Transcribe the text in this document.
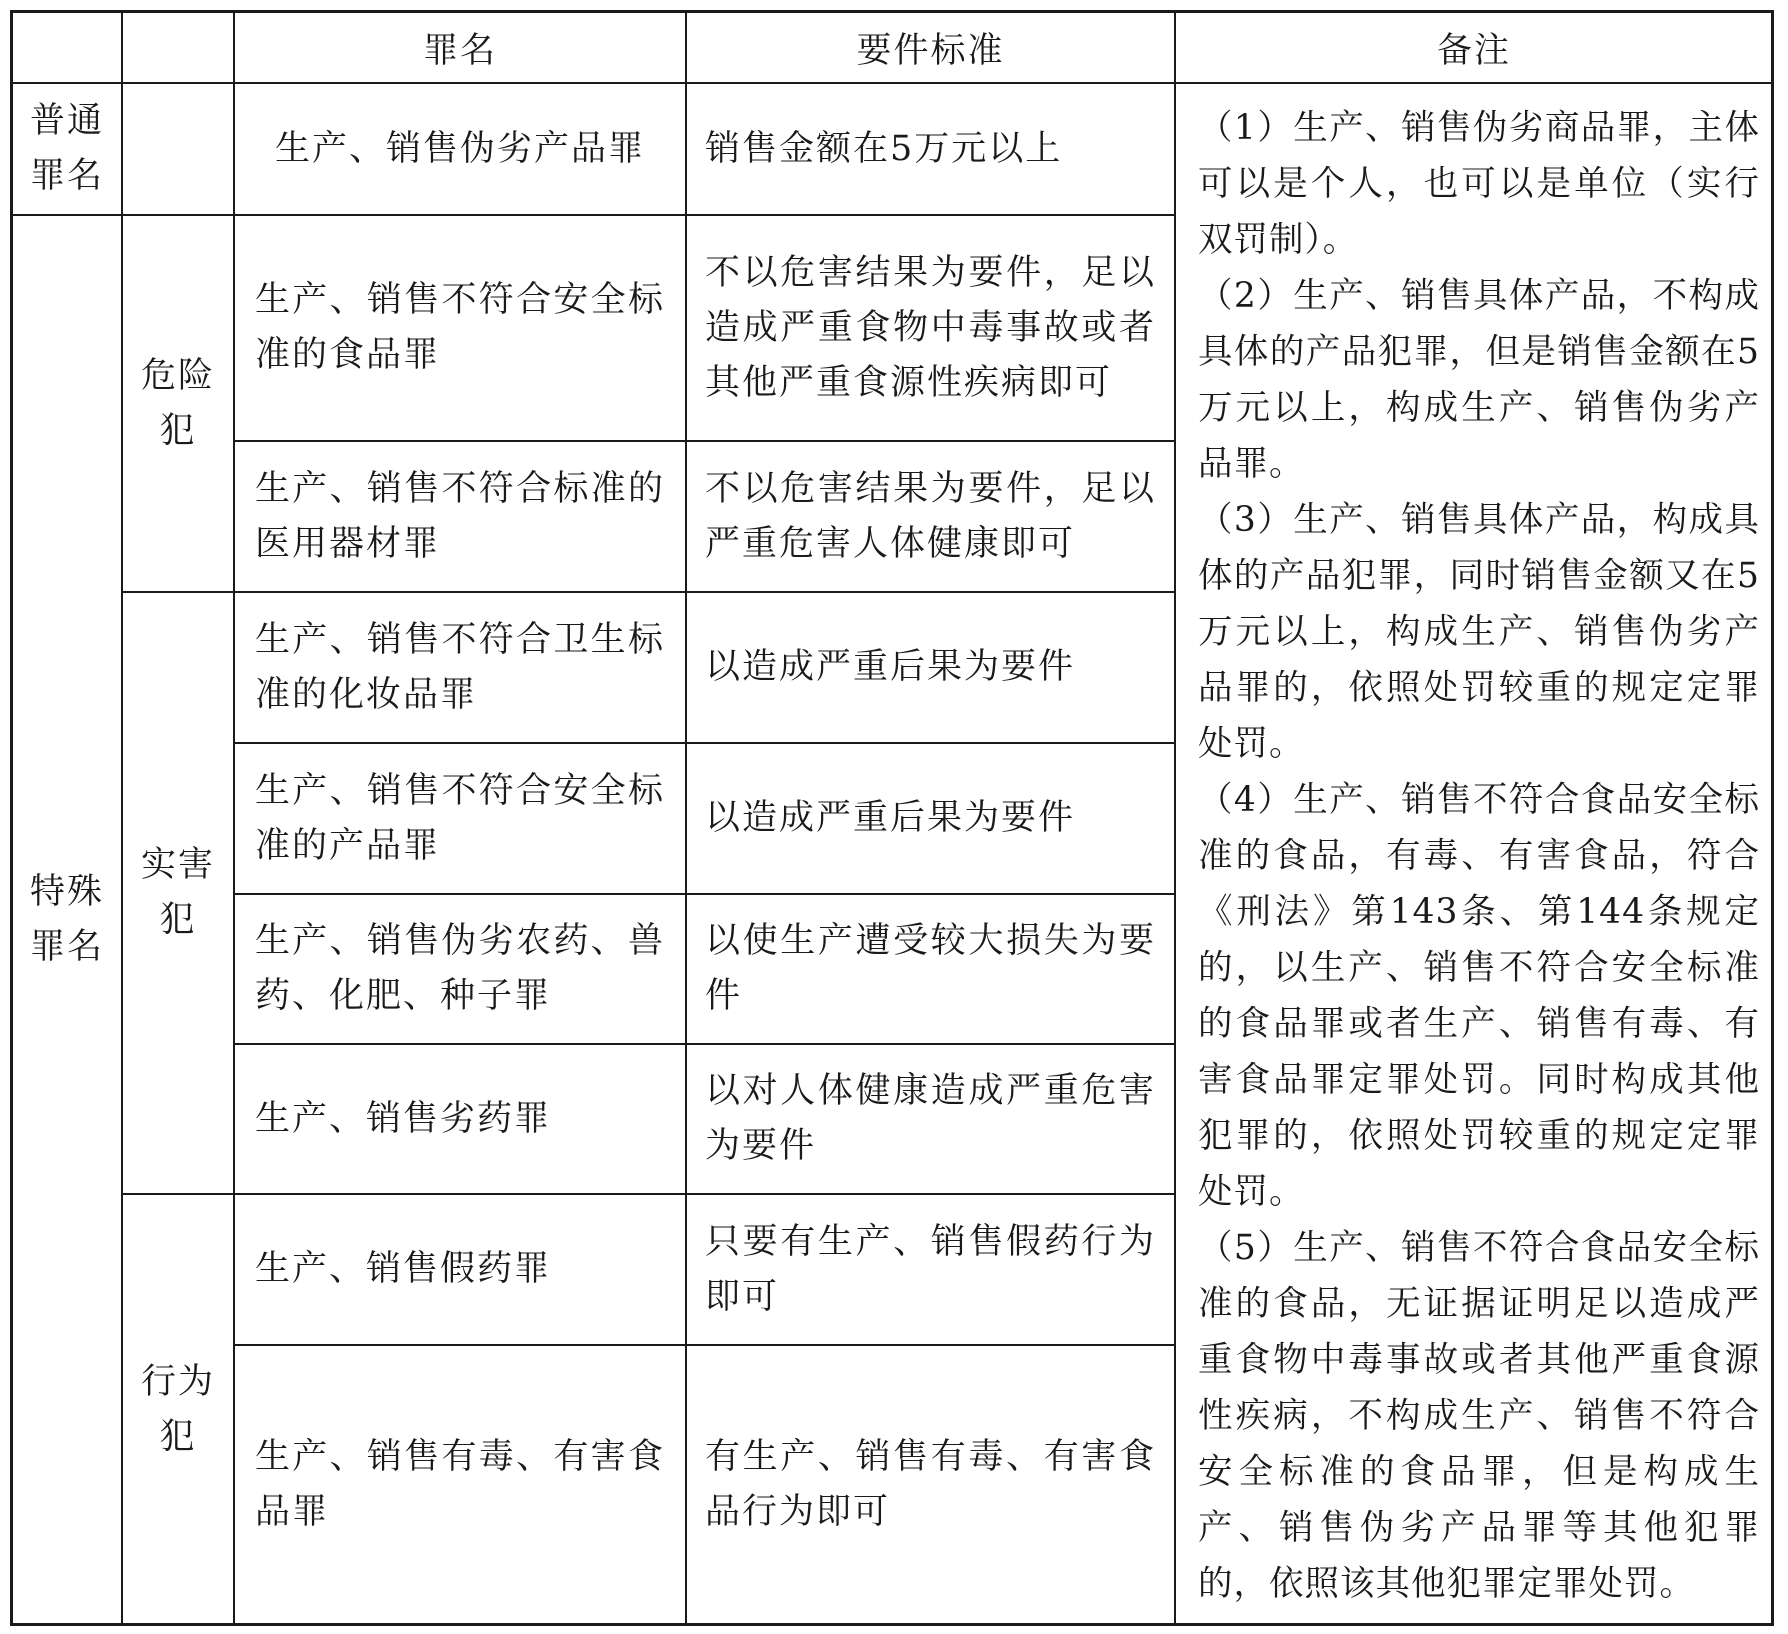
罪名	要件标准	备注
普通
罪名
特殊
罪名
危险
犯
实害
犯
行为
犯
生产、销售伪劣产品罪 销售金额在5万元以上
生产、销售不符合安全标准的食品罪
不以危害结果为要件，足以造成严重食物中毒事故或者其他严重食源性疾病即可
生产、销售不符合标准的医用器材罪
不以危害结果为要件，足以严重危害人体健康即可
生产、销售不符合卫生标准的化妆品罪
以造成严重后果为要件
生产、销售不符合安全标准的产品罪
以造成严重后果为要件
生产、销售伪劣农药、兽药、化肥、种子罪
以使生产遭受较大损失为要件
生产、销售劣药罪
以对人体健康造成严重危害为要件
生产、销售假药罪
只要有生产、销售假药行为即可
生产、销售有毒、有害食品罪
有生产、销售有毒、有害食品行为即可

（1）生产、销售伪劣商品罪，主体可以是个人，也可以是单位（实行双罚制）。

（2）生产、销售具体产品，不构成具体的产品犯罪，但是销售金额在5万元以上，构成生产、销售伪劣产品罪。

（3）生产、销售具体产品，构成具体的产品犯罪，同时销售金额又在5万元以上，构成生产、销售伪劣产品罪的，依照处罚较重的规定定罪处罚。

（4）生产、销售不符合食品安全标准的食品，有毒、有害食品，符合《刑法》第143条、第144条规定的，以生产、销售不符合安全标准的食品罪或者生产、销售有毒、有害食品罪定罪处罚。同时构成其他犯罪的，依照处罚较重的规定定罪处罚。

（5）生产、销售不符合食品安全标准的食品，无证据证明足以造成严重食物中毒事故或者其他严重食源性疾病，不构成生产、销售不符合安全标准的食品罪，但是构成生产、销售伪劣产品罪等其他犯罪的，依照该其他犯罪定罪处罚。
